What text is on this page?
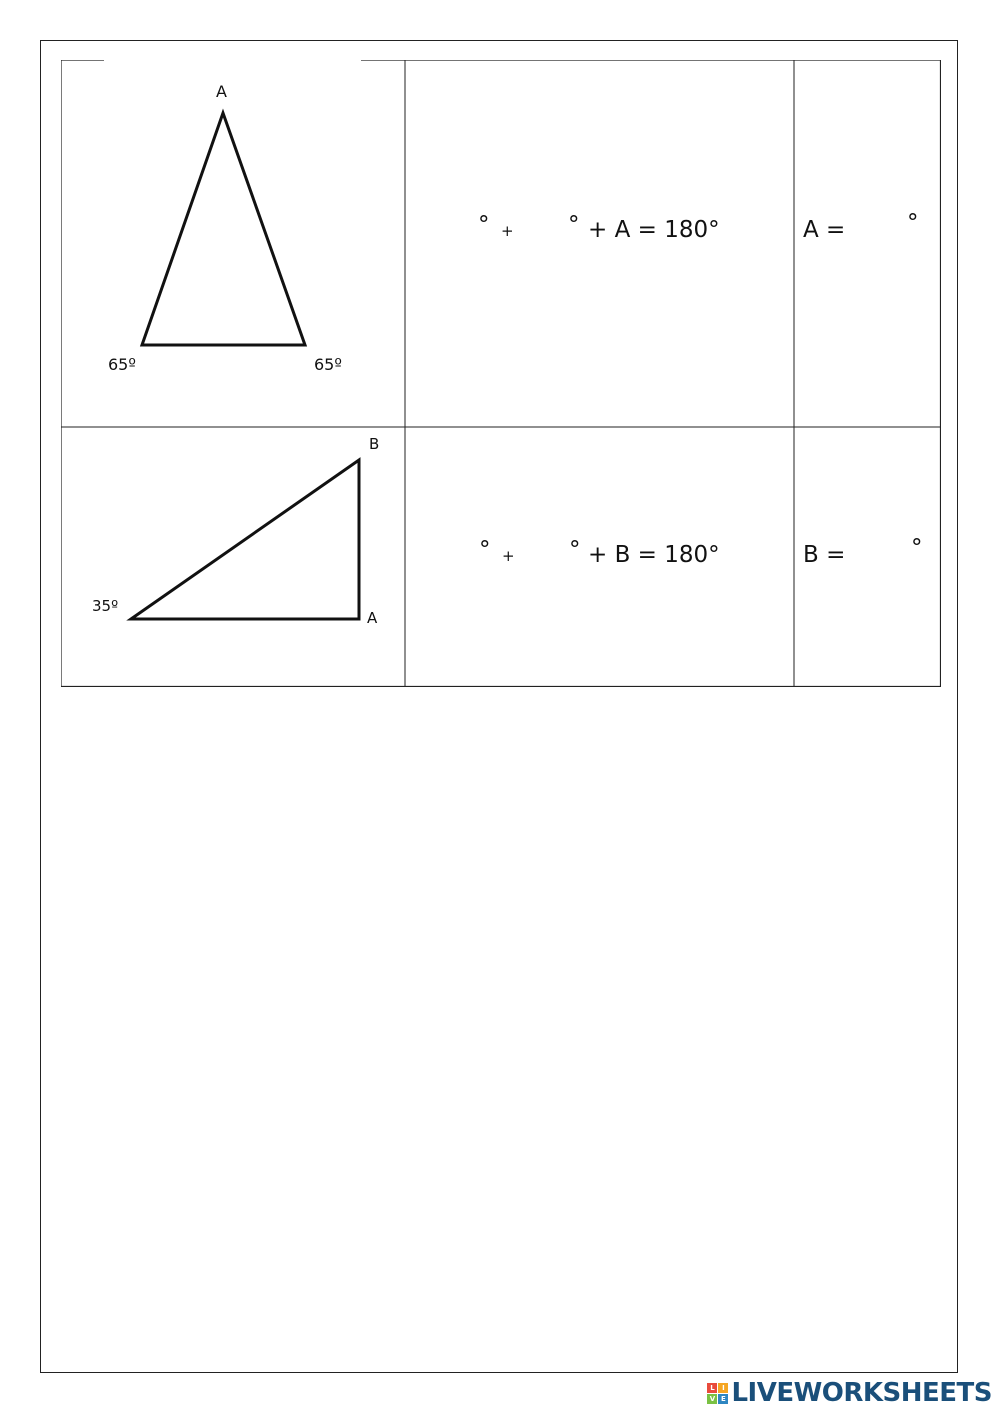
A
65º	65º
° + ° + A = 180°	A =	°
B
35º
A
° + ° + B = 180°	B =	°
L	I
V E LIVEWORKSHEETS
